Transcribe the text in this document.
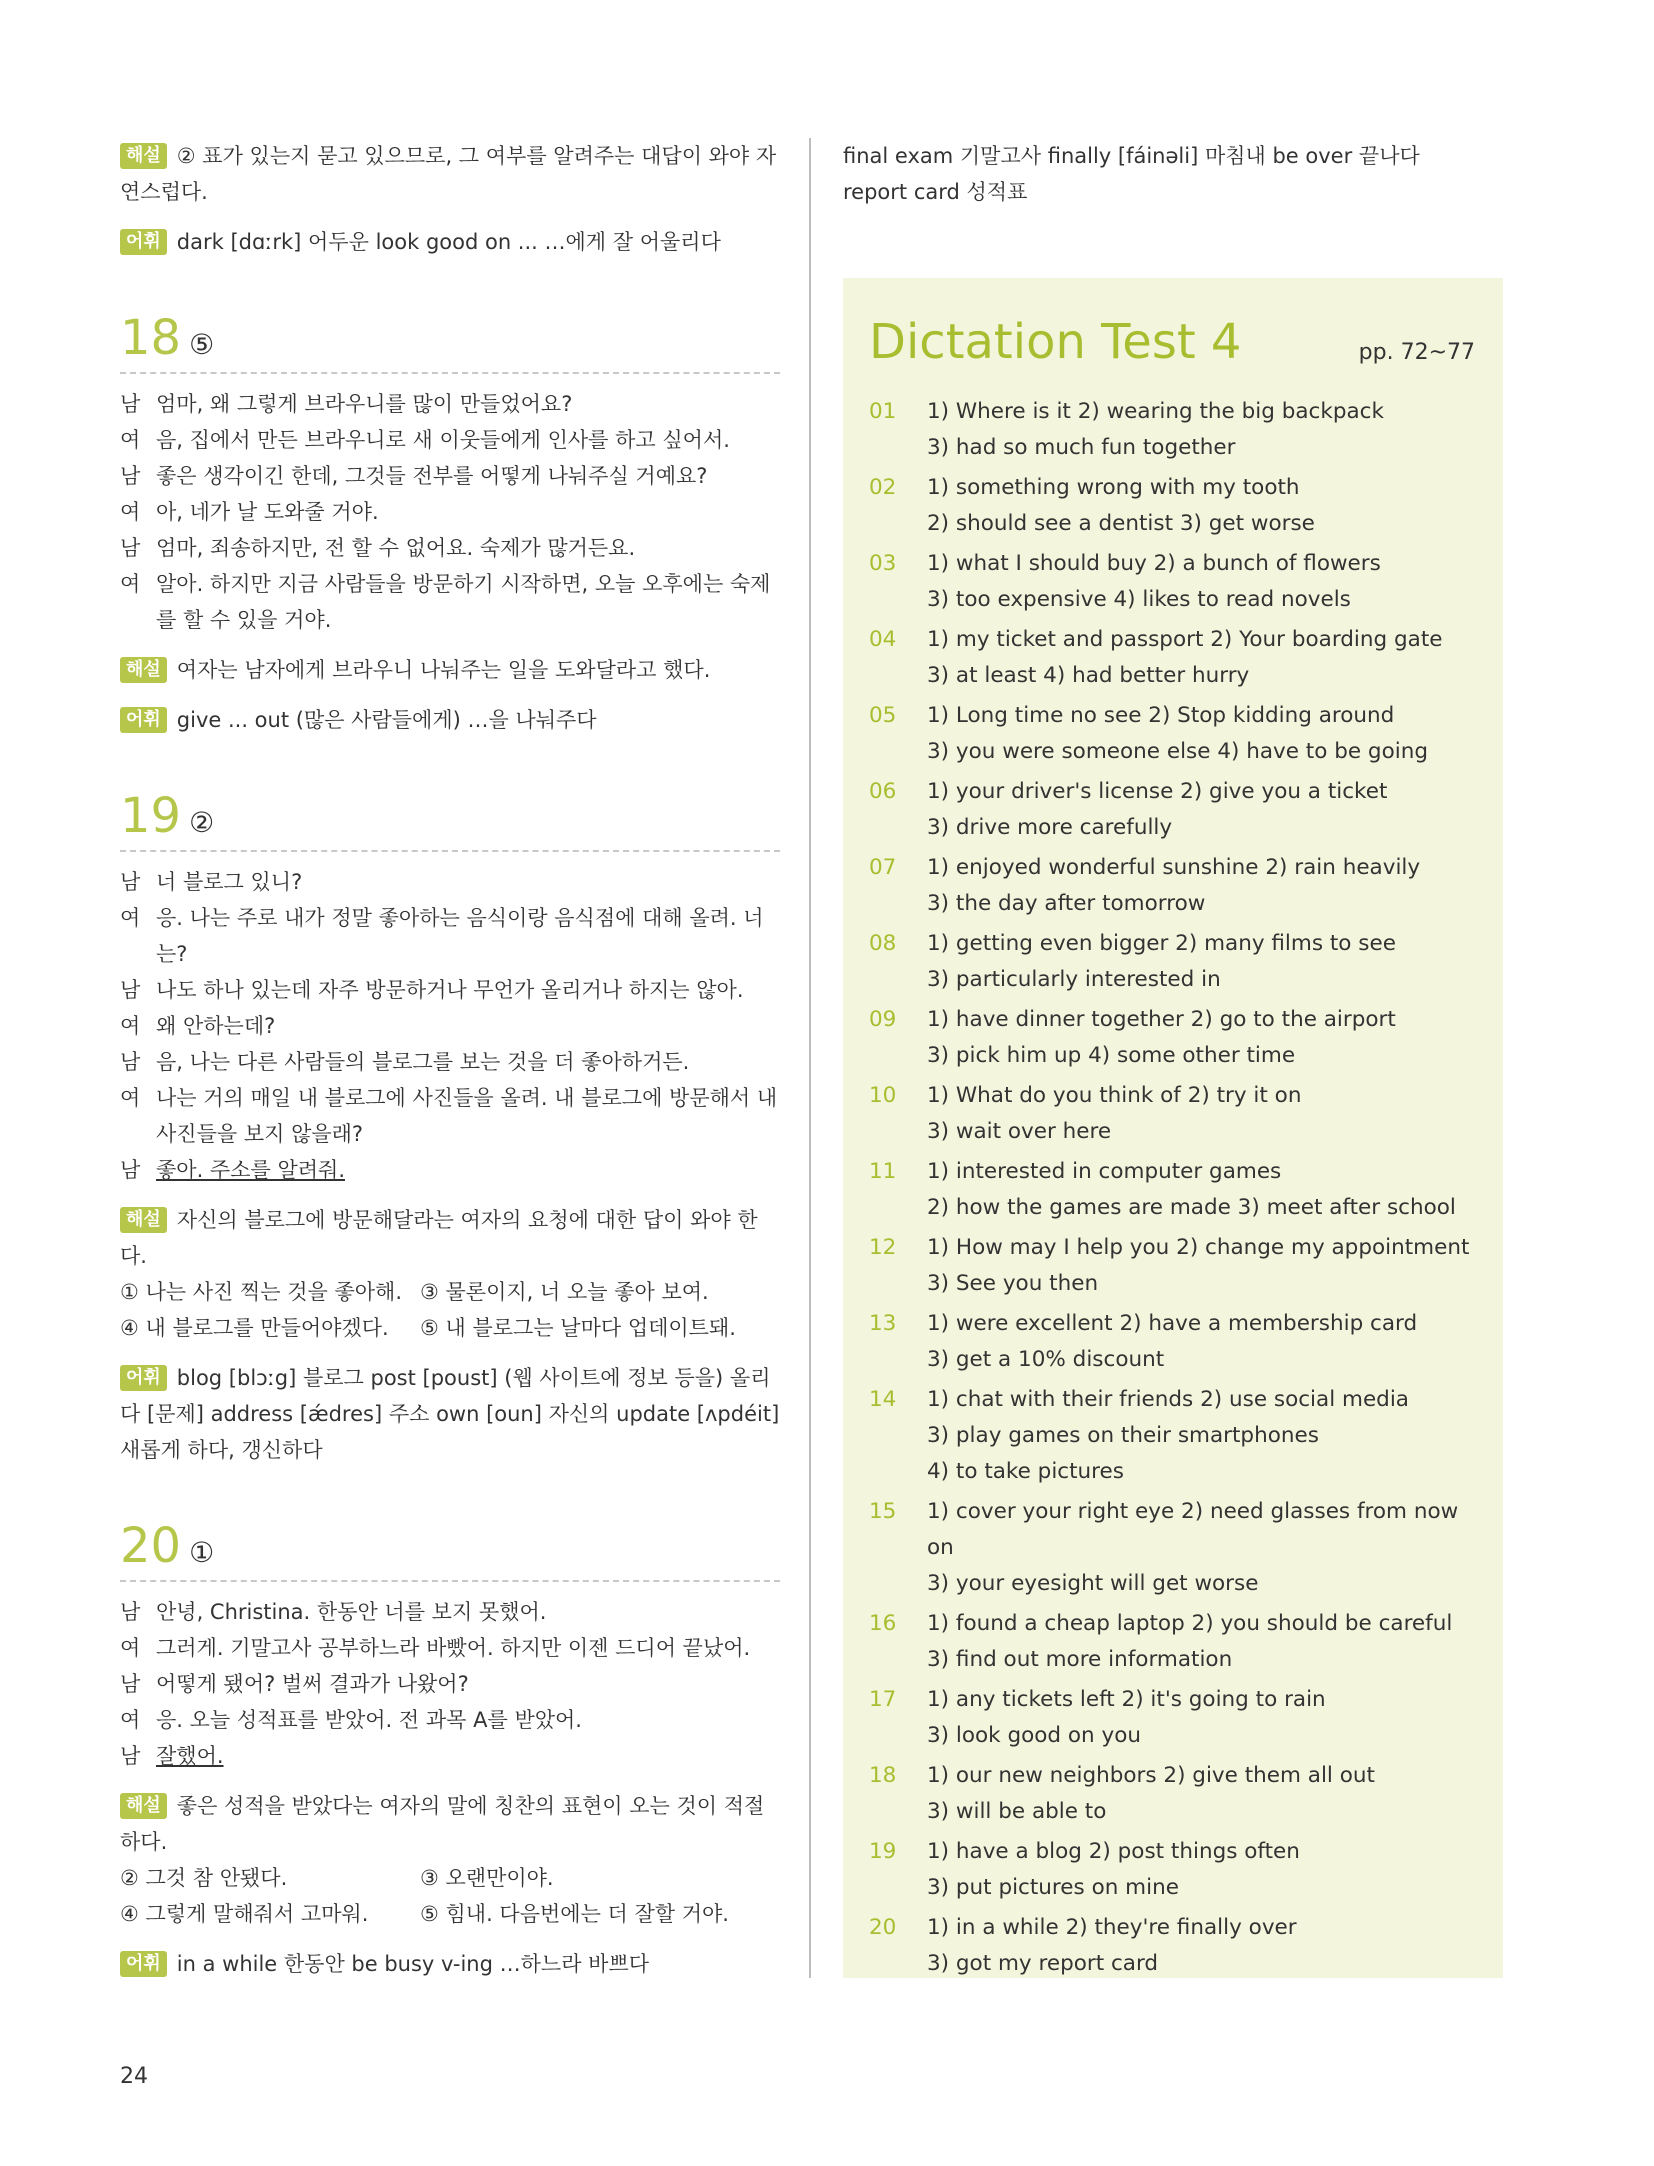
해설 ② 표가 있는지 묻고 있으므로, 그 여부를 알려주는 대답이 와야 자연스럽다.

어휘 dark [dɑːrk] 어두운 look good on ... …에게 잘 어울리다

18 ⑤
남 엄마, 왜 그렇게 브라우니를 많이 만들었어요?
여 음, 집에서 만든 브라우니로 새 이웃들에게 인사를 하고 싶어서.
남 좋은 생각이긴 한데, 그것들 전부를 어떻게 나눠주실 거예요?
여 아, 네가 날 도와줄 거야.
남 엄마, 죄송하지만, 전 할 수 없어요. 숙제가 많거든요.
여 알아. 하지만 지금 사람들을 방문하기 시작하면, 오늘 오후에는 숙제를 할 수 있을 거야.

해설 여자는 남자에게 브라우니 나눠주는 일을 도와달라고 했다.

어휘 give ... out (많은 사람들에게) …을 나눠주다

19 ②
남 너 블로그 있니?
여 응. 나는 주로 내가 정말 좋아하는 음식이랑 음식점에 대해 올려. 너는?
남 나도 하나 있는데 자주 방문하거나 무언가 올리거나 하지는 않아.
여 왜 안하는데?
남 음, 나는 다른 사람들의 블로그를 보는 것을 더 좋아하거든.
여 나는 거의 매일 내 블로그에 사진들을 올려. 내 블로그에 방문해서 내 사진들을 보지 않을래?
남 좋아. 주소를 알려줘.

해설 자신의 블로그에 방문해달라는 여자의 요청에 대한 답이 와야 한다.

① 나는 사진 찍는 것을 좋아해. ③ 물론이지, 너 오늘 좋아 보여.
④ 내 블로그를 만들어야겠다.	⑤ 내 블로그는 날마다 업데이트돼.

어휘 blog [blɔːg] 블로그 post [poust] (웹 사이트에 정보 등을) 올리다 [문제] address [ǽdres] 주소 own [oun] 자신의 update [ʌpdéit] 새롭게 하다, 갱신하다

20 ①
남 안녕, Christina. 한동안 너를 보지 못했어.
여 그러게. 기말고사 공부하느라 바빴어. 하지만 이젠 드디어 끝났어.
남 어떻게 됐어? 벌써 결과가 나왔어?
여 응. 오늘 성적표를 받았어. 전 과목 A를 받았어.
남 잘했어.

해설 좋은 성적을 받았다는 여자의 말에 칭찬의 표현이 오는 것이 적절하다.

② 그것 참 안됐다.	③ 오랜만이야.
④ 그렇게 말해줘서 고마워.	⑤ 힘내. 다음번에는 더 잘할 거야.

어휘 in a while 한동안 be busy v-ing …하느라 바쁘다

final exam 기말고사 finally [fáinəli] 마침내 be over 끝나다
report card 성적표
Dictation Test 4	pp. 72~77
01	1) Where is it 2) wearing the big backpack
3) had so much fun together
02	1) something wrong with my tooth
2) should see a dentist 3) get worse
03	1) what I should buy 2) a bunch of flowers
3) too expensive 4) likes to read novels
04	1) my ticket and passport 2) Your boarding gate
3) at least 4) had better hurry
05	1) Long time no see 2) Stop kidding around
3) you were someone else 4) have to be going
06	1) your driver's license 2) give you a ticket
3) drive more carefully
07	1) enjoyed wonderful sunshine 2) rain heavily
3) the day after tomorrow
08	1) getting even bigger 2) many films to see
3) particularly interested in
09	1) have dinner together 2) go to the airport
3) pick him up 4) some other time
10	1) What do you think of 2) try it on
3) wait over here
11	1) interested in computer games
2) how the games are made 3) meet after school
12	1) How may I help you 2) change my appointment
3) See you then
13	1) were excellent 2) have a membership card
3) get a 10% discount
14	1) chat with their friends 2) use social media
3) play games on their smartphones
4) to take pictures
15	1) cover your right eye 2) need glasses from now on
3) your eyesight will get worse
16	1) found a cheap laptop 2) you should be careful
3) find out more information
17	1) any tickets left 2) it's going to rain
3) look good on you
18	1) our new neighbors 2) give them all out
3) will be able to
19	1) have a blog 2) post things often
3) put pictures on mine
20	1) in a while 2) they're finally over
3) got my report card
24
